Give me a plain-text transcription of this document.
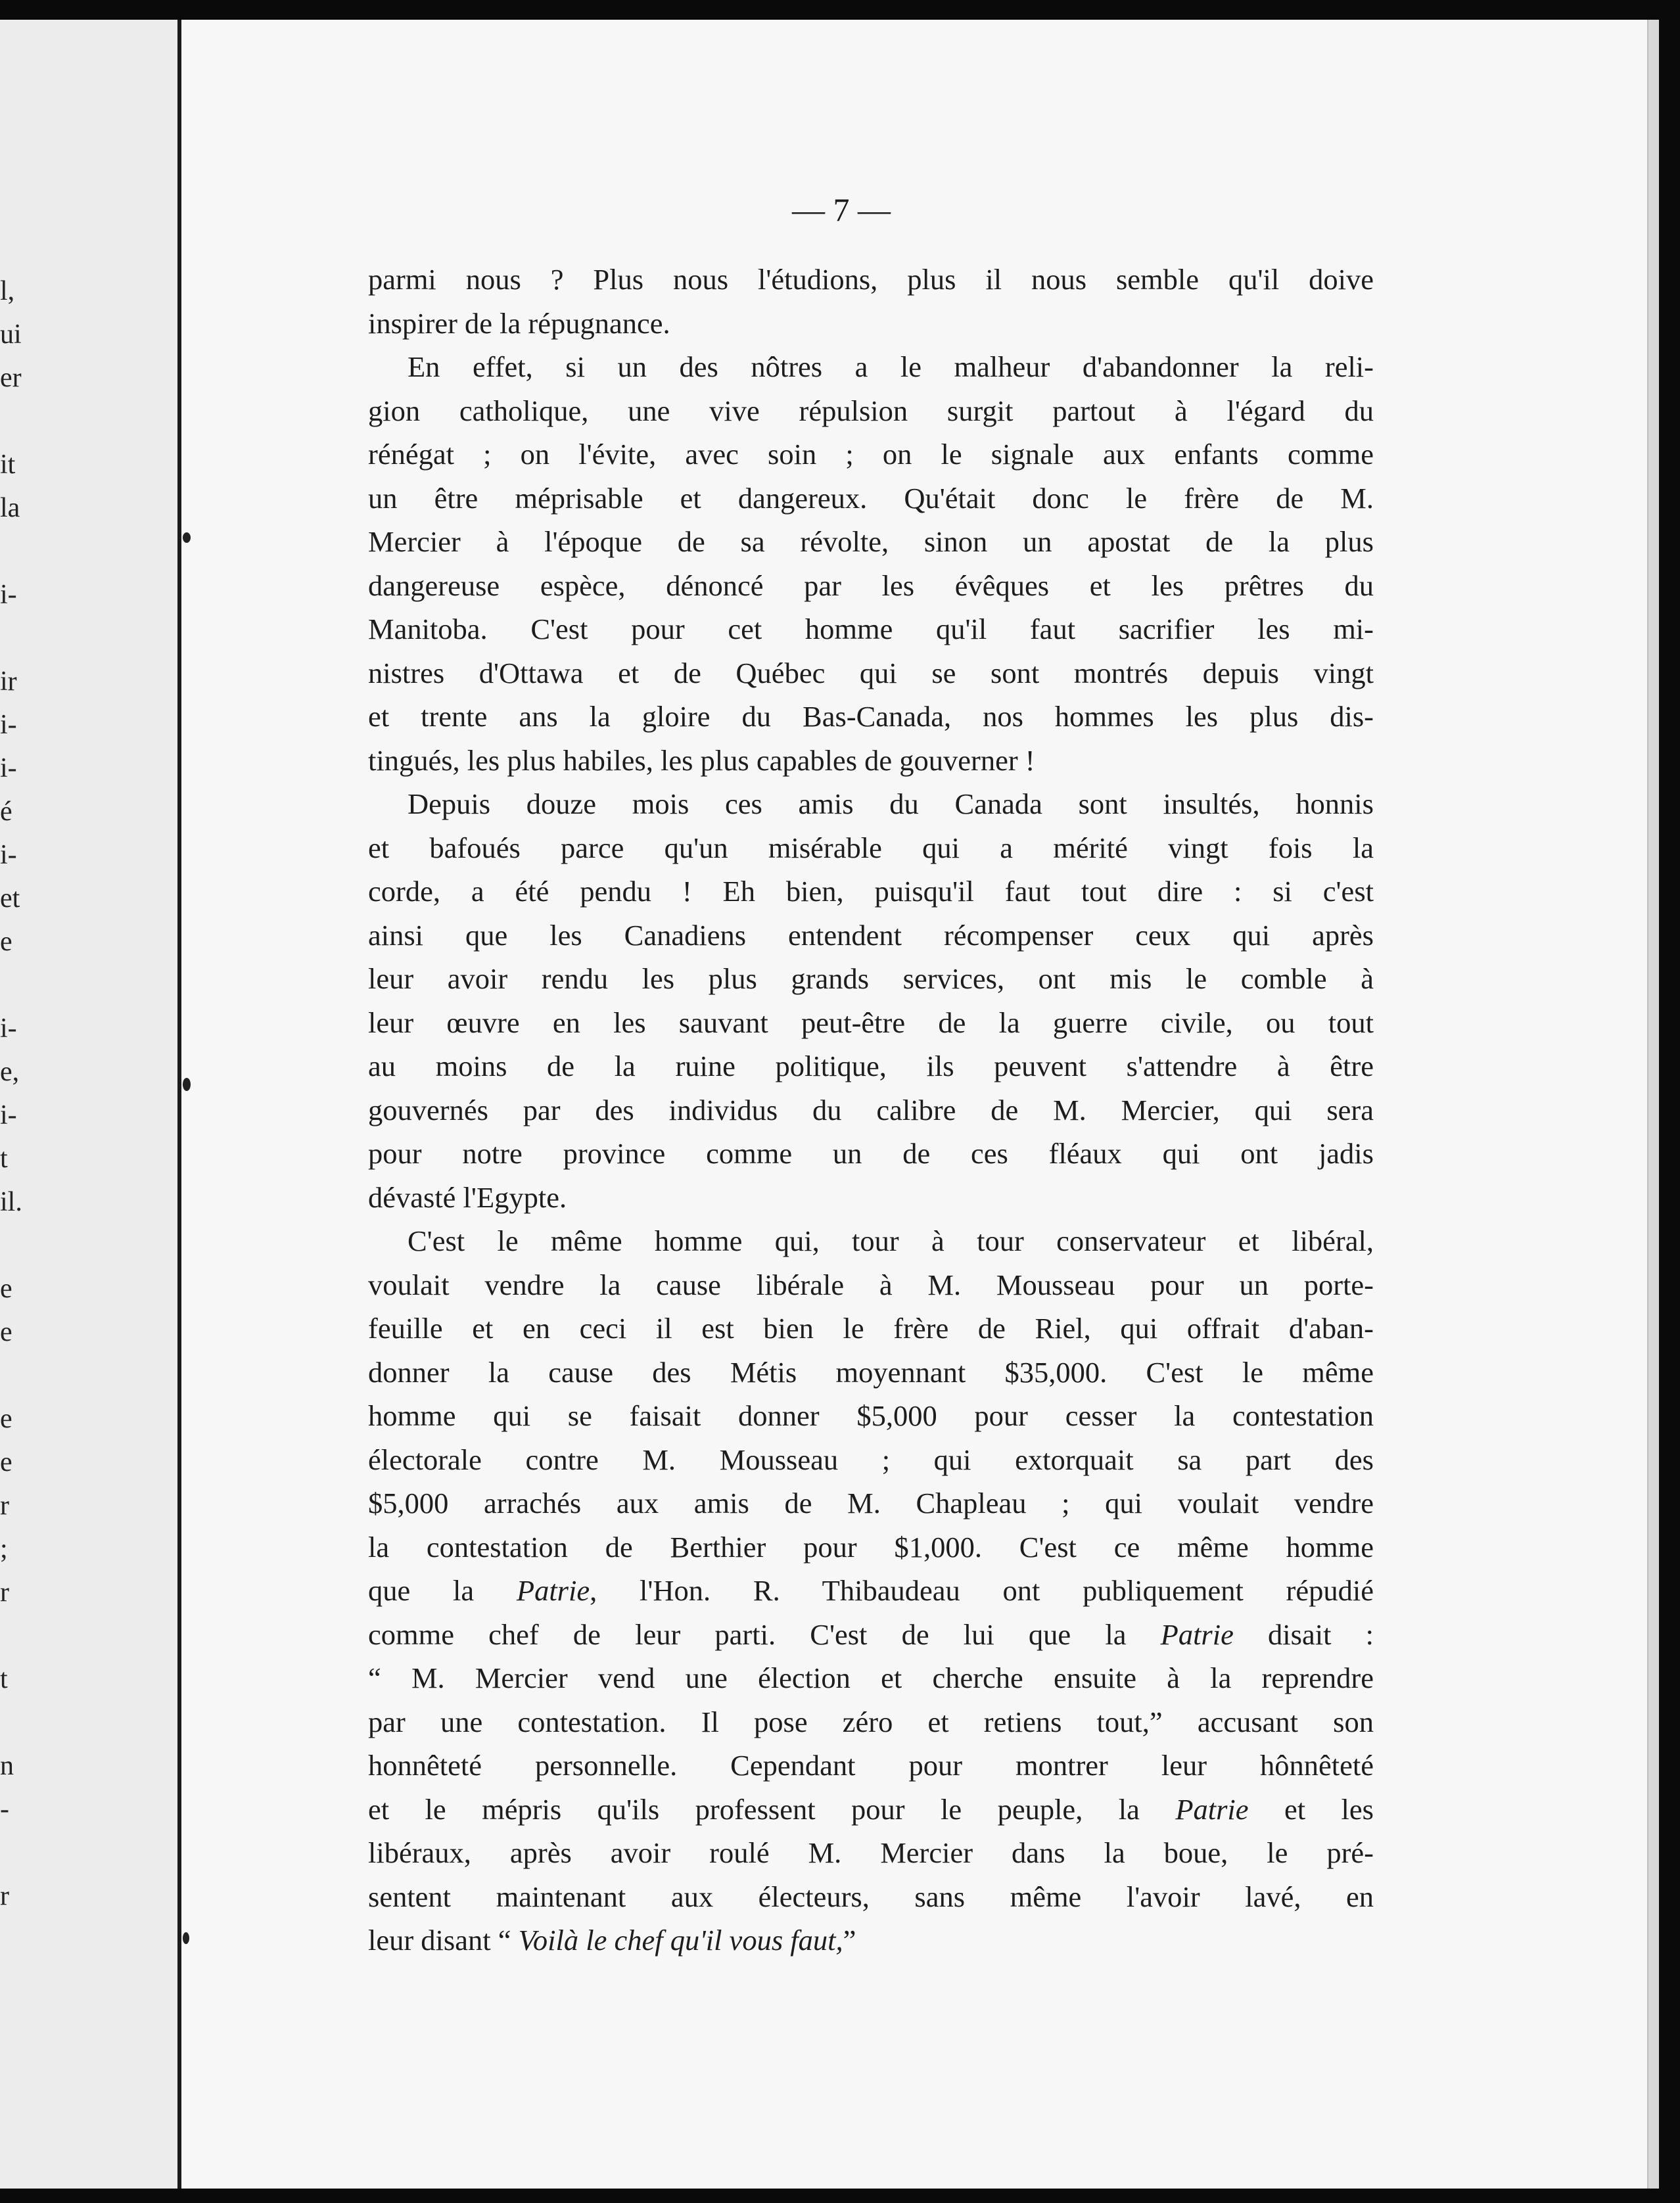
l,
ui
er
it
la
i-
ir
i-
i-
é
i-
et
e
i-
e,
i-
t
il.
e
e
e
e
r
;
r
t
n
-
r
— 7 —
parmi nous ? Plus nous l'étudions, plus il nous semble qu'il doive
inspirer de la répugnance.
En effet, si un des nôtres a le malheur d'abandonner la reli-
gion catholique, une vive répulsion surgit partout à l'égard du
rénégat ; on l'évite, avec soin ; on le signale aux enfants comme
un être méprisable et dangereux. Qu'était donc le frère de M.
Mercier à l'époque de sa révolte, sinon un apostat de la plus
dangereuse espèce, dénoncé par les évêques et les prêtres du
Manitoba. C'est pour cet homme qu'il faut sacrifier les mi-
nistres d'Ottawa et de Québec qui se sont montrés depuis vingt
et trente ans la gloire du Bas-Canada, nos hommes les plus dis-
tingués, les plus habiles, les plus capables de gouverner !
Depuis douze mois ces amis du Canada sont insultés, honnis
et bafoués parce qu'un misérable qui a mérité vingt fois la
corde, a été pendu ! Eh bien, puisqu'il faut tout dire : si c'est
ainsi que les Canadiens entendent récompenser ceux qui après
leur avoir rendu les plus grands services, ont mis le comble à
leur œuvre en les sauvant peut-être de la guerre civile, ou tout
au moins de la ruine politique, ils peuvent s'attendre à être
gouvernés par des individus du calibre de M. Mercier, qui sera
pour notre province comme un de ces fléaux qui ont jadis
dévasté l'Egypte.
C'est le même homme qui, tour à tour conservateur et libéral,
voulait vendre la cause libérale à M. Mousseau pour un porte-
feuille et en ceci il est bien le frère de Riel, qui offrait d'aban-
donner la cause des Métis moyennant $35,000. C'est le même
homme qui se faisait donner $5,000 pour cesser la contestation
électorale contre M. Mousseau ; qui extorquait sa part des
$5,000 arrachés aux amis de M. Chapleau ; qui voulait vendre
la contestation de Berthier pour $1,000. C'est ce même homme
que la Patrie, l'Hon. R. Thibaudeau ont publiquement répudié
comme chef de leur parti. C'est de lui que la Patrie disait :
“ M. Mercier vend une élection et cherche ensuite à la reprendre
par une contestation. Il pose zéro et retiens tout,” accusant son
honnêteté personnelle. Cependant pour montrer leur hônnêteté
et le mépris qu'ils professent pour le peuple, la Patrie et les
libéraux, après avoir roulé M. Mercier dans la boue, le pré-
sentent maintenant aux électeurs, sans même l'avoir lavé, en
leur disant “ Voilà le chef qu'il vous faut,”
